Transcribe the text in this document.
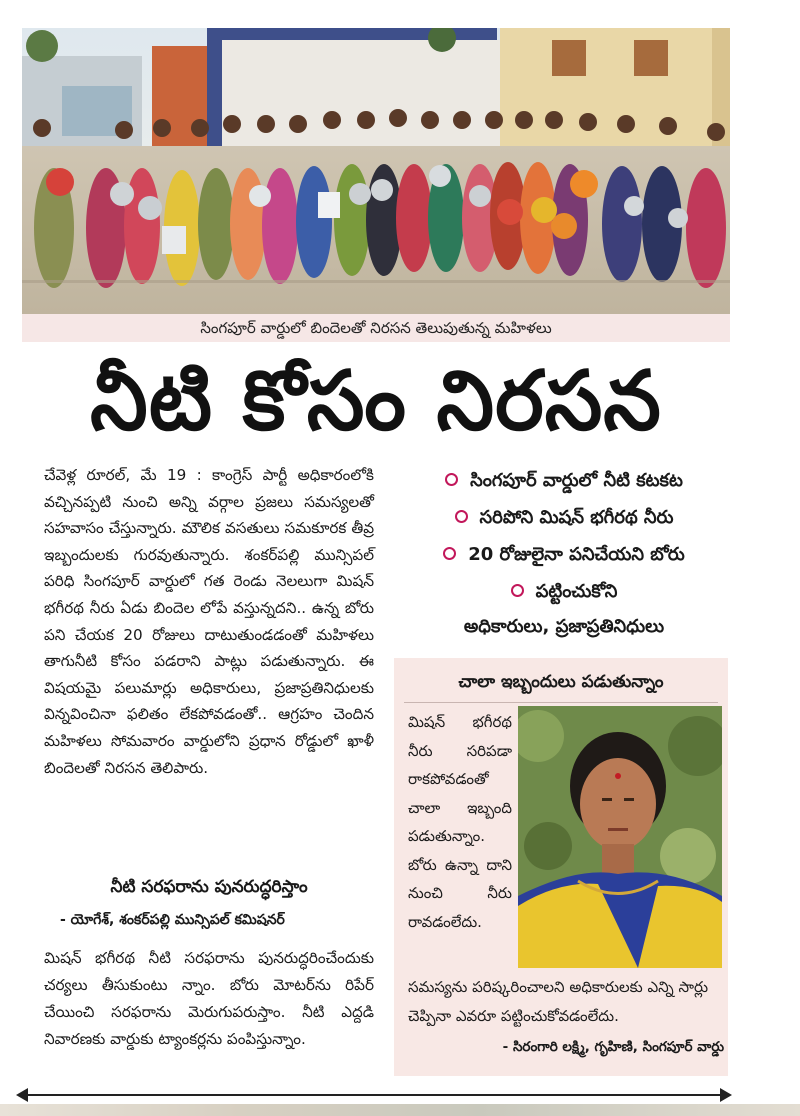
సింగపూర్ వార్డులో బిందెలతో నిరసన తెలుపుతున్న మహిళలు
నీటి కోసం నిరసన

చేవెళ్ల రూరల్, మే 19 : కాంగ్రెస్ పార్టీ అధికారంలోకి వచ్చినప్పటి నుంచి అన్ని వర్గాల ప్రజలు సమస్యలతో సహవాసం చేస్తున్నారు. మౌలిక వసతులు సమకూరక తీవ్ర ఇబ్బందులకు గురవుతున్నారు. శంకర్‌పల్లి మున్సిపల్ పరిధి సింగపూర్ వార్డులో గత రెండు నెలలుగా మిషన్ భగీరథ నీరు ఏడు బిందెల లోపే వస్తున్నదని.. ఉన్న బోరు పని చేయక 20 రోజులు దాటుతుండడంతో మహిళలు తాగునీటి కోసం పడరాని పాట్లు పడుతున్నారు. ఈ విషయమై పలుమార్లు అధికారులు, ప్రజాప్రతినిధులకు విన్నవించినా ఫలితం లేకపోవడంతో.. ఆగ్రహం చెందిన మహిళలు సోమవారం వార్డులోని ప్రధాన రోడ్డులో ఖాళీ బిందెలతో నిరసన తెలిపారు.

నీటి సరఫరాను పునరుద్ధరిస్తాం
- యోగేశ్, శంకర్‌పల్లి మున్సిపల్ కమిషనర్
మిషన్ భగీరథ నీటి సరఫరాను పునరుద్ధరించేందుకు చర్యలు తీసుకుంటు న్నాం. బోరు మోటర్‌ను రిపేర్ చేయించి సరఫరాను మెరుగుపరుస్తాం. నీటి ఎద్దడి నివారణకు వార్డుకు ట్యాంకర్లను పంపిస్తున్నాం.
సింగపూర్ వార్డులో నీటి కటకట
సరిపోని మిషన్ భగీరథ నీరు
20 రోజులైనా పనిచేయని బోరు
పట్టించుకోని
అధికారులు, ప్రజాప్రతినిధులు
చాలా ఇబ్బందులు పడుతున్నాం
మిషన్ భగీరథ నీరు సరిపడా రాకపోవడంతో చాలా ఇబ్బంది పడుతున్నాం. బోరు ఉన్నా దాని నుంచి నీరు రావడంలేదు.
సమస్యను పరిష్కరించాలని అధికారులకు ఎన్ని సార్లు చెప్పినా ఎవరూ పట్టించుకోవడంలేదు.
- సిరంగారి లక్ష్మి, గృహిణి, సింగపూర్ వార్డు
